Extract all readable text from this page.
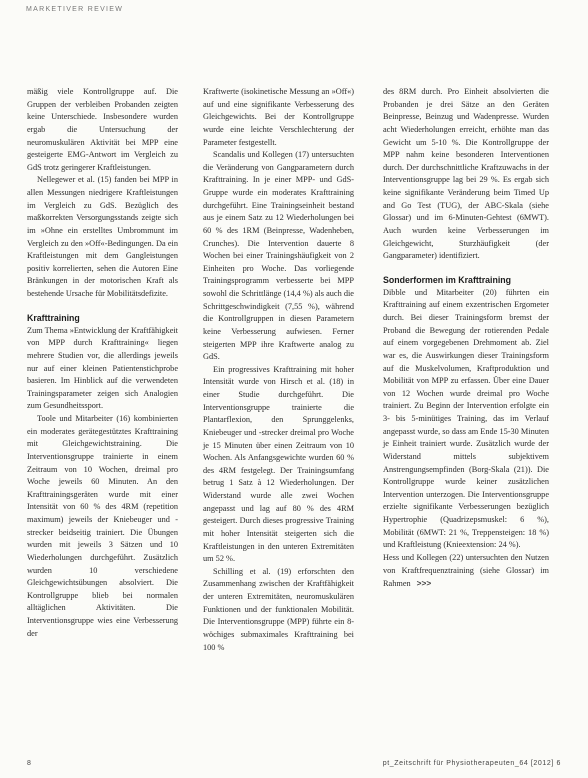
MARKETIVER REVIEW

mäßig viele Kontrollgruppe auf. Die Gruppen der verbleiben Probanden zeigten keine Unterschiede. Insbesondere wurden ergab die Untersuchung der neuromuskulären Aktivität bei MPP eine gesteigerte EMG-Antwort im Vergleich zu GdS trotz geringerer Kraftleistungen.

Nellegewer et al. (15) fanden bei MPP in allen Messungen niedrigere Kraftleistungen im Vergleich zu GdS. Bezüglich des maßkorrekten Versorgungsstands zeigte sich im »Ohne ein erstelltes Umbrommunt im Vergleich zu den »Off«-Bedingungen. Da ein Kraftleistungen mit dem Gangleistungen positiv korrelierten, sehen die Autoren Eine Bränkungen in der motorischen Kraft als bestehende Ursache für Mobilitätsdefizite.

Krafttraining

Zum Thema »Entwicklung der Kraftfähigkeit von MPP durch Krafttraining« liegen mehrere Studien vor, die allerdings jeweils nur auf einer kleinen Patientenstichprobe basieren. Im Hinblick auf die verwendeten Trainingsparameter zeigen sich Analogien zum Gesundheitssport.

Toole und Mitarbeiter (16) kombinierten ein moderates gerätegestütztes Krafttraining mit Gleichgewichtstraining. Die Interventionsgruppe trainierte in einem Zeitraum von 10 Wochen, dreimal pro Woche jeweils 60 Minuten. An den Krafttrainingsgeräten wurde mit einer Intensität von 60 % des 4RM (repetition maximum) jeweils der Kniebeuger und -strecker beidseitig trainiert. Die Übungen wurden mit jeweils 3 Sätzen und 10 Wiederholungen durchgeführt. Zusätzlich wurden 10 verschiedene Gleichgewichtsübungen absolviert. Die Kontrollgruppe blieb bei normalen alltäglichen Aktivitäten. Die Interventionsgruppe wies eine Verbesserung der

Kraftwerte (isokinetische Messung an »Off«) auf und eine signifikante Verbesserung des Gleichgewichts. Bei der Kontrollgruppe wurde eine leichte Verschlechterung der Parameter festgestellt.

Scandalis und Kollegen (17) untersuchten die Veränderung von Gangparametern durch Krafttraining. In je einer MPP- und GdS-Gruppe wurde ein moderates Krafttraining durchgeführt. Eine Trainingseinheit bestand aus je einem Satz zu 12 Wiederholungen bei 60 % des 1RM (Beinpresse, Wadenheben, Crunches). Die Intervention dauerte 8 Wochen bei einer Trainingshäufigkeit von 2 Einheiten pro Woche. Das vorliegende Trainingsprogramm verbesserte bei MPP sowohl die Schrittlänge (14,4 %) als auch die Schrittgeschwindigkeit (7,55 %), während die Kontrollgruppen in diesen Parametern keine Verbesserung aufwiesen. Ferner steigerten MPP ihre Kraftwerte analog zu GdS.

Ein progressives Krafttraining mit hoher Intensität wurde von Hirsch et al. (18) in einer Studie durchgeführt. Die Interventionsgruppe trainierte die Plantarflexion, den Sprunggelenks, Kniebeuger und -strecker dreimal pro Woche je 15 Minuten über einen Zeitraum von 10 Wochen. Als Anfangsgewichte wurden 60 % des 4RM festgelegt. Der Trainingsumfang betrug 1 Satz à 12 Wiederholungen. Der Widerstand wurde alle zwei Wochen angepasst und lag auf 80 % des 4RM gesteigert. Durch dieses progressive Training mit hoher Intensität steigerten sich die Kraftleistungen in den unteren Extremitäten um 52 %.

Schilling et al. (19) erforschten den Zusammenhang zwischen der Kraftfähigkeit der unteren Extremitäten, neuromuskulären Funktionen und der funktionalen Mobilität. Die Interventionsgruppe (MPP) führte ein 8-wöchiges submaximales Krafttraining bei 100 %

des 8RM durch. Pro Einheit absolvierten die Probanden je drei Sätze an den Geräten Beinpresse, Beinzug und Wadenpresse. Wurden acht Wiederholungen erreicht, erhöhte man das Gewicht um 5-10 %. Die Kontrollgruppe der MPP nahm keine besonderen Interventionen durch. Der durchschnittliche Kraftzuwachs in der Interventionsgruppe lag bei 29 %. Es ergab sich keine signifikante Veränderung beim Timed Up and Go Test (TUG), der ABC-Skala (siehe Glossar) und im 6-Minuten-Gehtest (6MWT). Auch wurden keine Verbesserungen im Gleichgewicht, Sturzhäufigkeit (der Gangparameter) identifiziert.

Sonderformen im Krafttraining

Dibble und Mitarbeiter (20) führten ein Krafttraining auf einem exzentrischen Ergometer durch. Bei dieser Trainingsform bremst der Proband die Bewegung der rotierenden Pedale auf einem vorgegebenen Drehmoment ab. Ziel war es, die Auswirkungen dieser Trainingsform auf die Muskelvolumen, Kraftproduktion und Mobilität von MPP zu erfassen. Über eine Dauer von 12 Wochen wurde dreimal pro Woche trainiert. Zu Beginn der Intervention erfolgte ein 3- bis 5-minütiges Training, das im Verlauf angepasst wurde, so dass am Ende 15-30 Minuten je Einheit trainiert wurde. Zusätzlich wurde der Widerstand mittels subjektivem Anstrengungsempfinden (Borg-Skala (21)). Die Kontrollgruppe wurde keiner zusätzlichen Intervention unterzogen. Die Interventionsgruppe erzielte signifikante Verbesserungen bezüglich Hypertrophie (Quadrizepsmuskel: 6 %), Mobilität (6MWT: 21 %, Treppensteigen: 18 %) und Kraftleistung (Knieextension: 24 %).

Hess und Kollegen (22) untersuchten den Nutzen von Kraftfrequenztraining (siehe Glossar) im Rahmen >>>
8	pt_Zeitschrift für Physiotherapeuten_64 [2012] 6
